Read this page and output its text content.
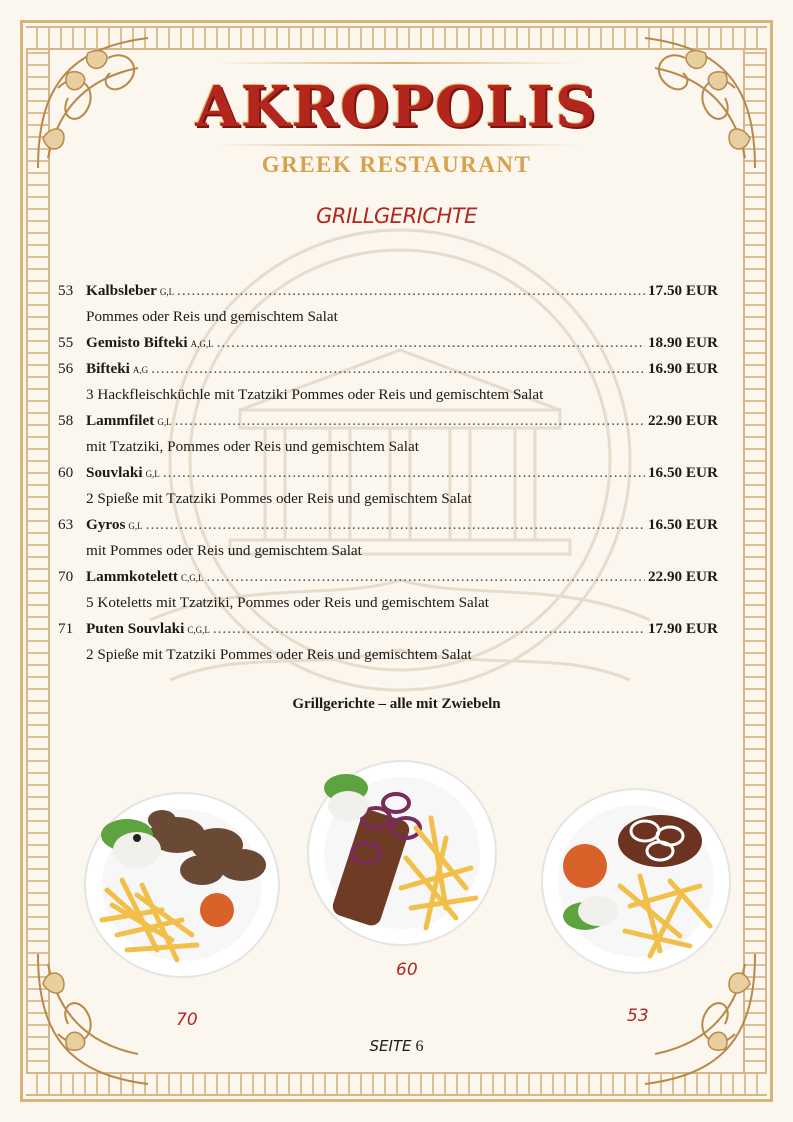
AKROPOLIS
GREEK RESTAURANT
GRILLGERICHTE
53 Kalbsleber G,L .....	17.50 EUR
Pommes oder Reis und gemischtem Salat
55 Gemisto Bifteki A,G,L .....	18.90 EUR
56 Bifteki A,G .....	16.90 EUR
3 Hackfleischküchle mit Tzatziki Pommes oder Reis und gemischtem Salat
58 Lammfilet G,L .....	22.90 EUR
mit Tzatziki, Pommes oder Reis und gemischtem Salat
60 Souvlaki G,L .....	16.50 EUR
2 Spieße mit Tzatziki Pommes oder Reis und gemischtem Salat
63 Gyros G,L .....	16.50 EUR
mit Pommes oder Reis und gemischtem Salat
70 Lammkotelett C,G,L .....	22.90 EUR
5 Koteletts mit Tzatziki, Pommes oder Reis und gemischtem Salat
71 Puten Souvlaki C,G,L .....	17.90 EUR
2 Spieße mit Tzatziki Pommes oder Reis und gemischtem Salat
Grillgerichte – alle mit Zwiebeln
70
60
53
SEITE 6
